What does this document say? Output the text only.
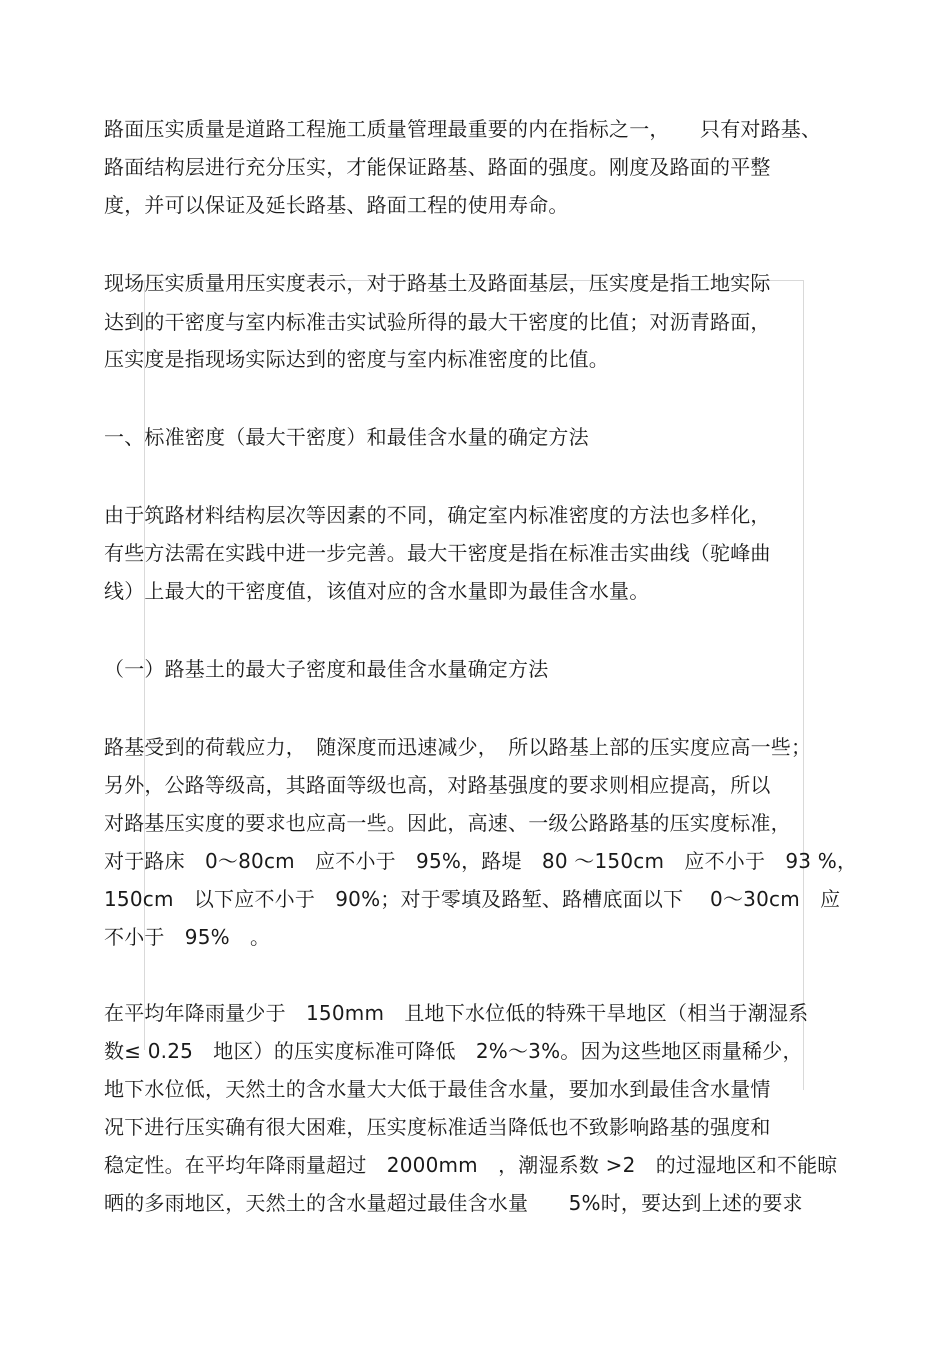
路面压实质量是道路工程施工质量管理最重要的内在指标之一，　　只有对路基、
路面结构层进行充分压实，才能保证路基、路面的强度。刚度及路面的平整
度，并可以保证及延长路基、路面工程的使用寿命。
现场压实质量用压实度表示，对于路基土及路面基层，压实度是指工地实际
达到的干密度与室内标准击实试验所得的最大干密度的比值；对沥青路面，
压实度是指现场实际达到的密度与室内标准密度的比值。
一、标准密度（最大干密度）和最佳含水量的确定方法
由于筑路材料结构层次等因素的不同，确定室内标准密度的方法也多样化，
有些方法需在实践中进一步完善。最大干密度是指在标准击实曲线（驼峰曲
线）上最大的干密度值，该值对应的含水量即为最佳含水量。
（一）路基土的最大子密度和最佳含水量确定方法
路基受到的荷载应力，　随深度而迅速减少，　所以路基上部的压实度应高一些；
另外，公路等级高，其路面等级也高，对路基强度的要求则相应提高，所以
对路基压实度的要求也应高一些。因此，高速、一级公路路基的压实度标准，
对于路床　0～80cm　应不小于　95%，路堤　80 ～150cm　应不小于　93 %，
150cm　以下应不小于　90%；对于零填及路堑、路槽底面以下　 0～30cm　应
不小于　95%　。
在平均年降雨量少于　150mm　且地下水位低的特殊干旱地区（相当于潮湿系
数≤ 0.25　地区）的压实度标准可降低　2%～3%。因为这些地区雨量稀少，
地下水位低，天然土的含水量大大低于最佳含水量，要加水到最佳含水量情
况下进行压实确有很大困难，压实度标准适当降低也不致影响路基的强度和
稳定性。在平均年降雨量超过　2000mm　，潮湿系数 >2　的过湿地区和不能晾
晒的多雨地区，天然土的含水量超过最佳含水量　　5%时，要达到上述的要求
